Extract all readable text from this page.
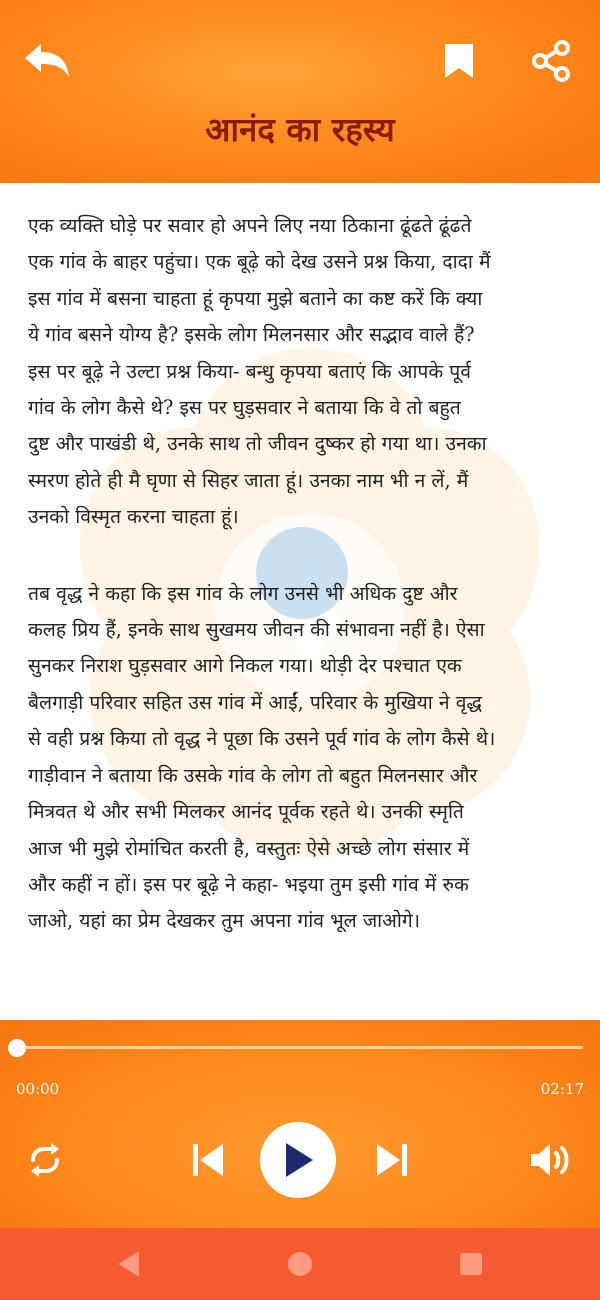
आनंद का रहस्य

एक व्यक्ति घोड़े पर सवार हो अपने लिए नया ठिकाना ढूंढते ढूंढते
एक गांव के बाहर पहुंचा। एक बूढ़े को देख उसने प्रश्न किया, दादा मैं
इस गांव में बसना चाहता हूं कृपया मुझे बताने का कष्ट करें कि क्या
ये गांव बसने योग्य है? इसके लोग मिलनसार और सद्भाव वाले हैं?
इस पर बूढ़े ने उल्टा प्रश्न किया- बन्धु कृपया बताएं कि आपके पूर्व
गांव के लोग कैसे थे? इस पर घुड़सवार ने बताया कि वे तो बहुत
दुष्ट और पाखंडी थे, उनके साथ तो जीवन दुष्कर हो गया था। उनका
स्मरण होते ही मै घृणा से सिहर जाता हूं। उनका नाम भी न लें, मैं
उनको विस्मृत करना चाहता हूं।

तब वृद्ध ने कहा कि इस गांव के लोग उनसे भी अधिक दुष्ट और
कलह प्रिय हैं, इनके साथ सुखमय जीवन की संभावना नहीं है। ऐसा
सुनकर निराश घुड़सवार आगे निकल गया। थोड़ी देर पश्चात एक
बैलगाड़ी परिवार सहित उस गांव में आईं, परिवार के मुखिया ने वृद्ध
से वही प्रश्न किया तो वृद्ध ने पूछा कि उसने पूर्व गांव के लोग कैसे थे।
गाड़ीवान ने बताया कि उसके गांव के लोग तो बहुत मिलनसार और
मित्रवत थे और सभी मिलकर आनंद पूर्वक रहते थे। उनकी स्मृति
आज भी मुझे रोमांचित करती है, वस्तुतः ऐसे अच्छे लोग संसार में
और कहीं न हों। इस पर बूढ़े ने कहा- भइया तुम इसी गांव में रुक
जाओ, यहां का प्रेम देखकर तुम अपना गांव भूल जाओगे।

00:00	02:17
